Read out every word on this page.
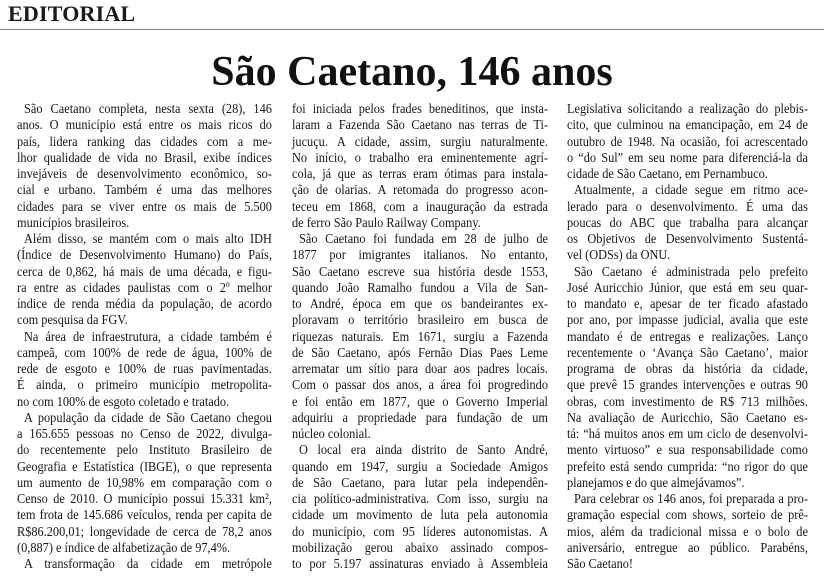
EDITORIAL
São Caetano, 146 anos
São Caetano completa, nesta sexta (28), 146
anos. O município está entre os mais ricos do
país, lidera ranking das cidades com a me-
lhor qualidade de vida no Brasil, exibe índices
invejáveis de desenvolvimento econômico, so-
cial e urbano. Também é uma das melhores
cidades para se viver entre os mais de 5.500
municípios brasileiros.
Além disso, se mantém com o mais alto IDH
(Índice de Desenvolvimento Humano) do País,
cerca de 0,862, há mais de uma década, e figu-
ra entre as cidades paulistas com o 2º melhor
índice de renda média da população, de acordo
com pesquisa da FGV.
Na área de infraestrutura, a cidade também é
campeã, com 100% de rede de água, 100% de
rede de esgoto e 100% de ruas pavimentadas.
É ainda, o primeiro município metropolita-
no com 100% de esgoto coletado e tratado.
A população da cidade de São Caetano chegou
a 165.655 pessoas no Censo de 2022, divulga-
do recentemente pelo Instituto Brasileiro de
Geografia e Estatística (IBGE), o que representa
um aumento de 10,98% em comparação com o
Censo de 2010. O município possui 15.331 km²,
tem frota de 145.686 veículos, renda per capita de
R$86.200,01; longevidade de cerca de 78,2 anos
(0,887) e índice de alfabetização de 97,4%.
A transformação da cidade em metrópole
foi iniciada pelos frades beneditinos, que insta-
laram a Fazenda São Caetano nas terras de Ti-
jucuçu. A cidade, assim, surgiu naturalmente.
No início, o trabalho era eminentemente agrí-
cola, já que as terras eram ótimas para instala-
ção de olarias. A retomada do progresso acon-
teceu em 1868, com a inauguração da estrada
de ferro São Paulo Railway Company.
São Caetano foi fundada em 28 de julho de
1877 por imigrantes italianos. No entanto,
São Caetano escreve sua história desde 1553,
quando João Ramalho fundou a Vila de San-
to André, época em que os bandeirantes ex-
ploravam o território brasileiro em busca de
riquezas naturais. Em 1671, surgiu a Fazenda
de São Caetano, após Fernão Dias Paes Leme
arrematar um sítio para doar aos padres locais.
Com o passar dos anos, a área foi progredindo
e foi então em 1877, que o Governo Imperial
adquiriu a propriedade para fundação de um
núcleo colonial.
O local era ainda distrito de Santo André,
quando em 1947, surgiu a Sociedade Amigos
de São Caetano, para lutar pela independên-
cia político-administrativa. Com isso, surgiu na
cidade um movimento de luta pela autonomia
do município, com 95 líderes autonomistas. A
mobilização gerou abaixo assinado compos-
to por 5.197 assinaturas enviado à Assembleia
Legislativa solicitando a realização do plebis-
cito, que culminou na emancipação, em 24 de
outubro de 1948. Na ocasião, foi acrescentado
o “do Sul” em seu nome para diferenciá-la da
cidade de São Caetano, em Pernambuco.
Atualmente, a cidade segue em ritmo ace-
lerado para o desenvolvimento. É uma das
poucas do ABC que trabalha para alcançar
os Objetivos de Desenvolvimento Sustentá-
vel (ODSs) da ONU.
São Caetano é administrada pelo prefeito
José Auricchio Júnior, que está em seu quar-
to mandato e, apesar de ter ficado afastado
por ano, por impasse judicial, avalia que este
mandato é de entregas e realizações. Lanço
recentemente o ‘Avança São Caetano’, maior
programa de obras da história da cidade,
que prevê 15 grandes intervenções e outras 90
obras, com investimento de R$ 713 milhões.
Na avaliação de Auricchio, São Caetano es-
tá: “há muitos anos em um ciclo de desenvolvi-
mento virtuoso” e sua responsabilidade como
prefeito está sendo cumprida: “no rigor do que
planejamos e do que almejávamos”.
Para celebrar os 146 anos, foi preparada a pro-
gramação especial com shows, sorteio de prê-
mios, além da tradicional missa e o bolo de
aniversário, entregue ao público. Parabéns,
São Caetano!
